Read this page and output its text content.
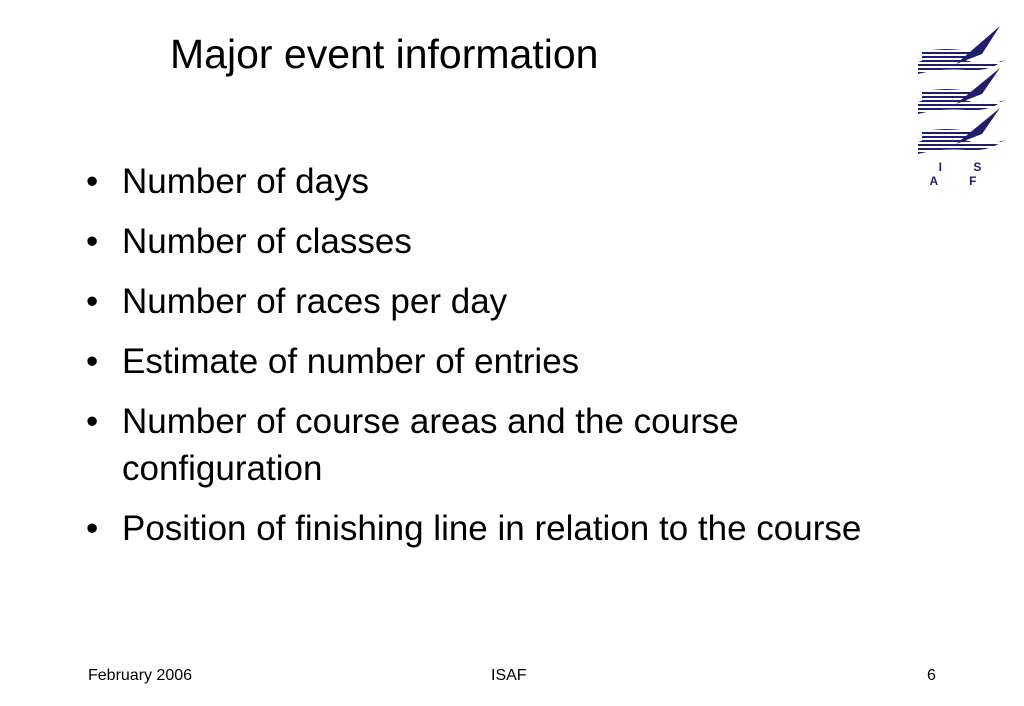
Major event information
I S A F
• Number of days
• Number of classes
• Number of races per day
• Estimate of number of entries
• Number of course areas and the course configuration
• Position of finishing line in relation to the course
February 2006	ISAF	6
